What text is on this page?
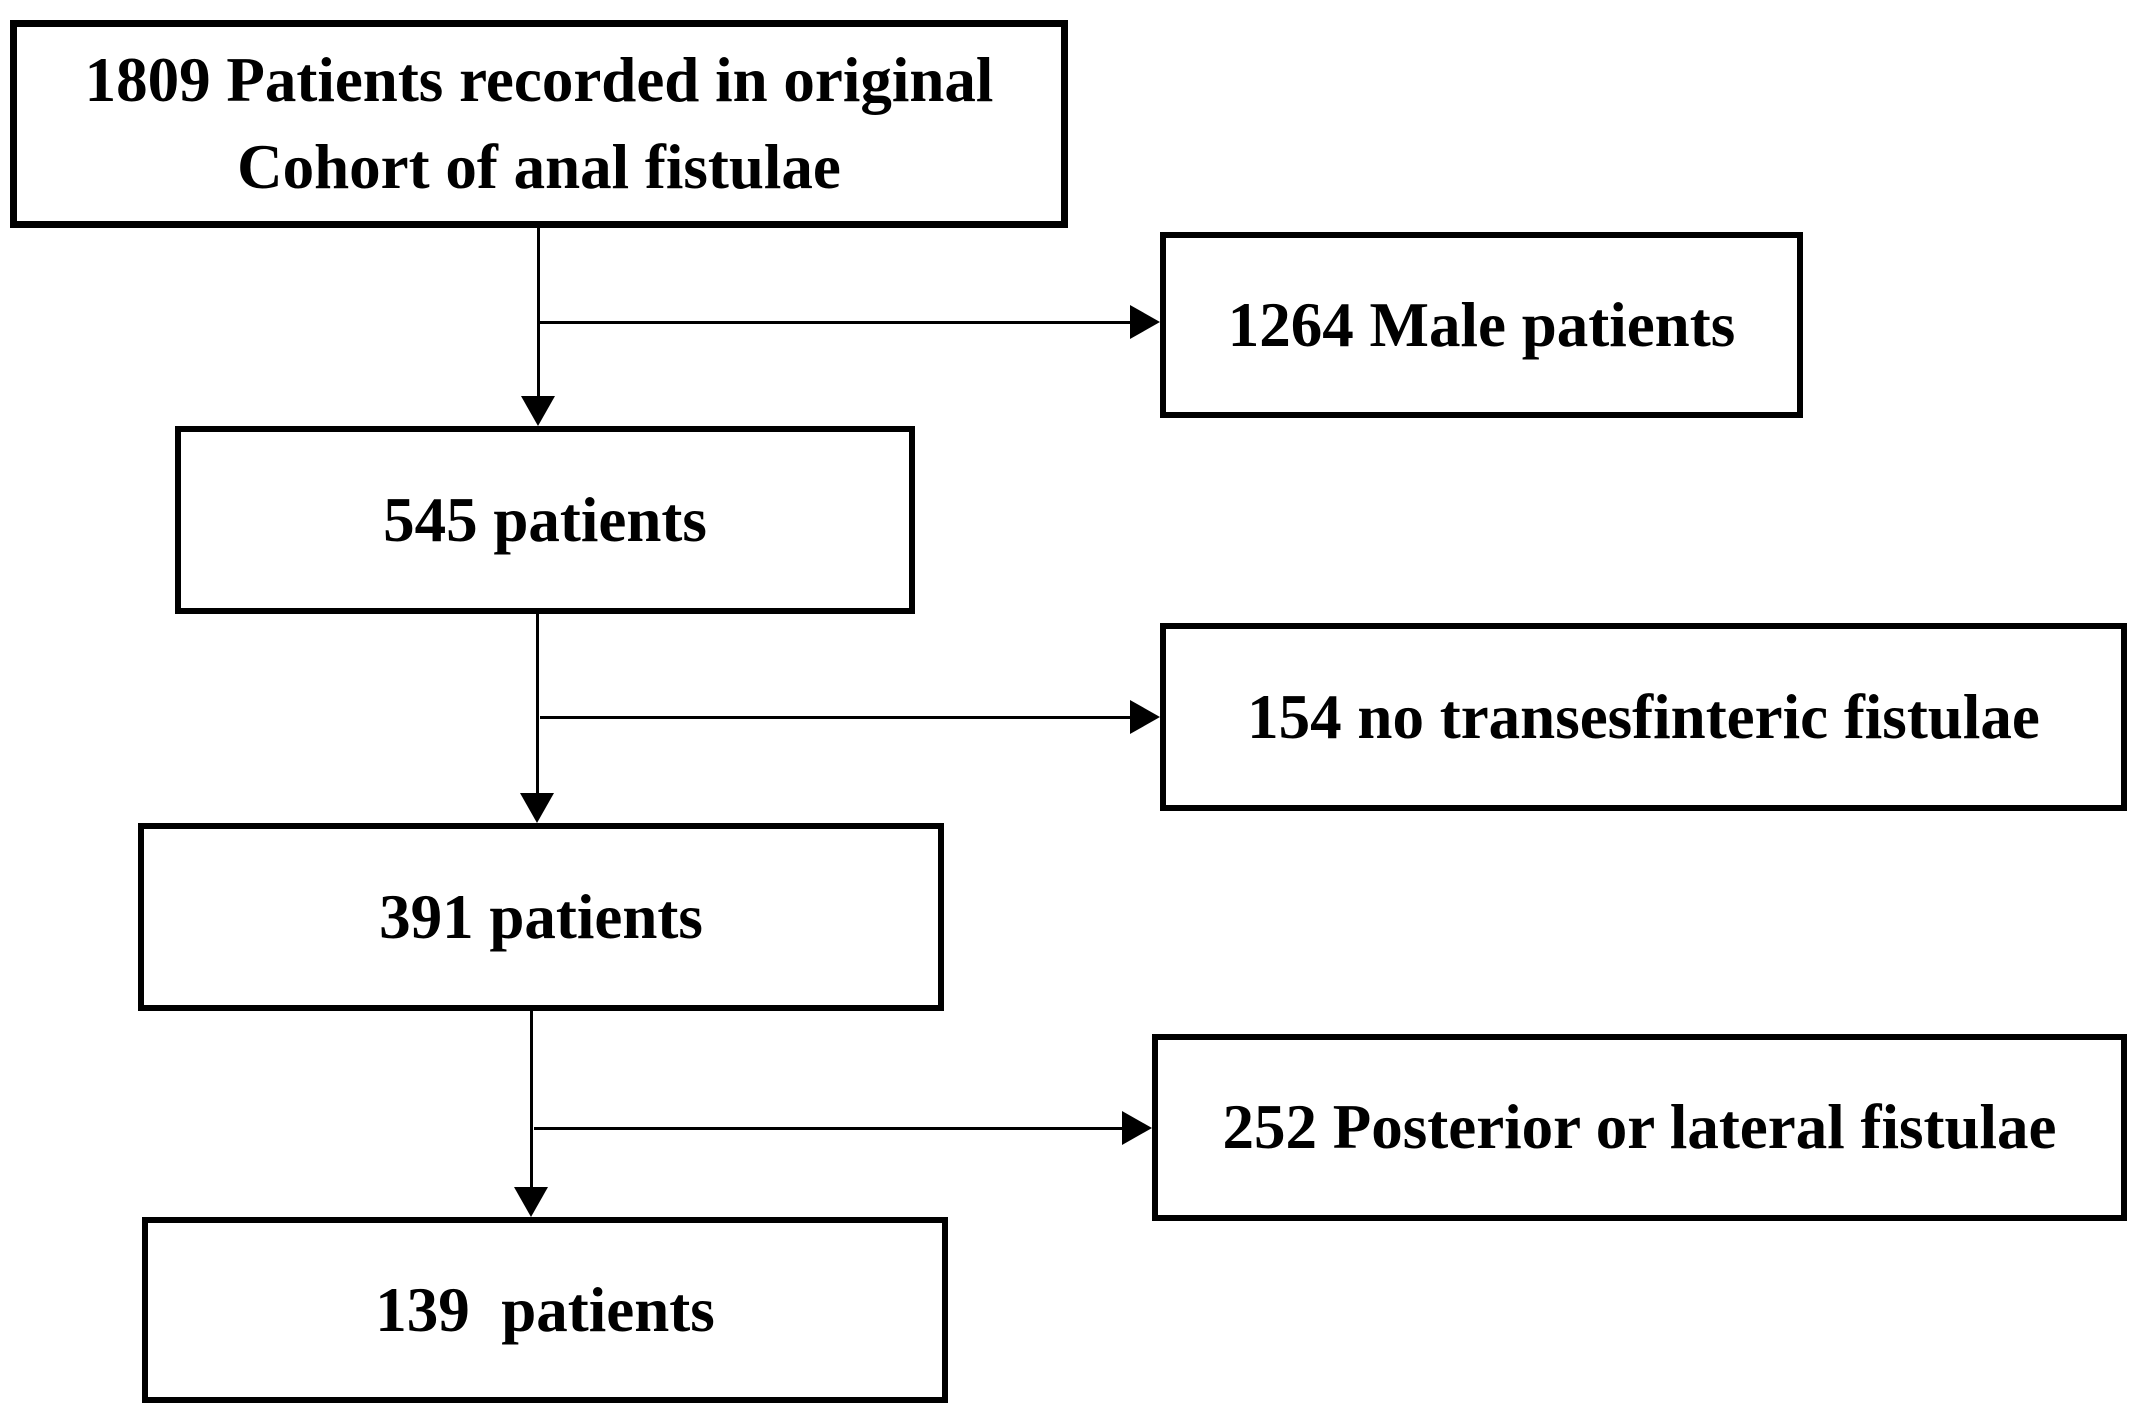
1809 Patients recorded in original
Cohort of anal fistulae
545 patients
391 patients
139  patients
1264 Male patients
154 no transesfinteric fistulae
252 Posterior or lateral fistulae
